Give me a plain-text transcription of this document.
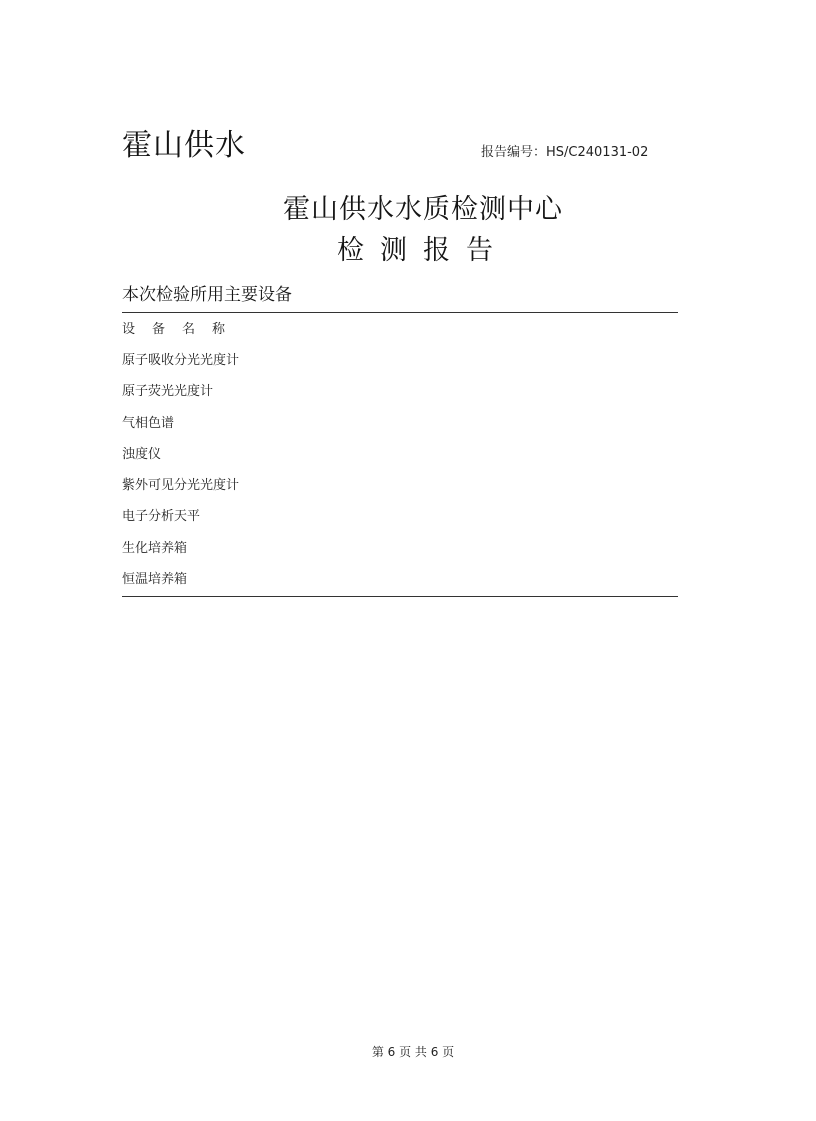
霍山供水	报告编号：HS/C240131-02
霍山供水水质检测中心
检测报告
本次检验所用主要设备
设备名称
原子吸收分光光度计
原子荧光光度计
气相色谱
浊度仪
紫外可见分光光度计
电子分析天平
生化培养箱
恒温培养箱
第 6 页 共 6 页
